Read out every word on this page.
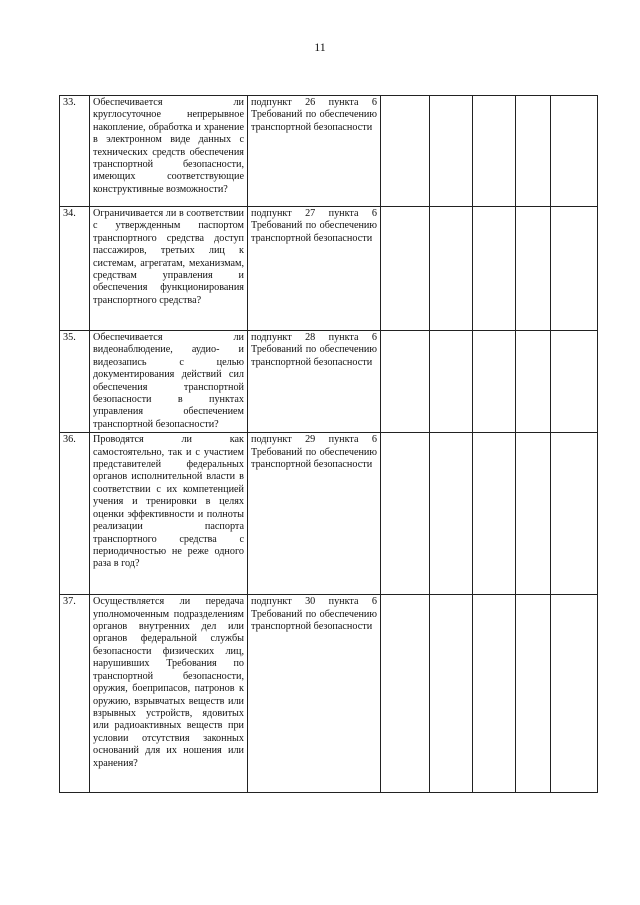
11
33.	Обеспечивается ли круглосуточное непрерывное накопление, обработка и хранение в электронном виде данных с технических средств обеспечения транспортной безопасности, имеющих соответствующие конструктивные возможности?	подпункт 26 пункта 6 Требований по обеспечению транспортной безопасности					
34.	Ограничивается ли в соответствии с утвержденным паспортом транспортного средства доступ пассажиров, третьих лиц к системам, агрегатам, механизмам, средствам управления и обеспечения функционирования транспортного средства?	подпункт 27 пункта 6 Требований по обеспечению транспортной безопасности					
35.	Обеспечивается ли видеонаблюдение, аудио- и видеозапись с целью документирования действий сил обеспечения транспортной безопасности в пунктах управления обеспечением транспортной безопасности?	подпункт 28 пункта 6 Требований по обеспечению транспортной безопасности					
36.	Проводятся ли как самостоятельно, так и с участием представителей федеральных органов исполнительной власти в соответствии с их компетенцией учения и тренировки в целях оценки эффективности и полноты реализации паспорта транспортного средства с периодичностью не реже одного раза в год?	подпункт 29 пункта 6 Требований по обеспечению транспортной безопасности					
37.	Осуществляется ли передача уполномоченным подразделениям органов внутренних дел или органов федеральной службы безопасности физических лиц, нарушивших Требования по транспортной безопасности, оружия, боеприпасов, патронов к оружию, взрывчатых веществ или взрывных устройств, ядовитых или радиоактивных веществ при условии отсутствия законных оснований для их ношения или хранения?	подпункт 30 пункта 6 Требований по обеспечению транспортной безопасности					
